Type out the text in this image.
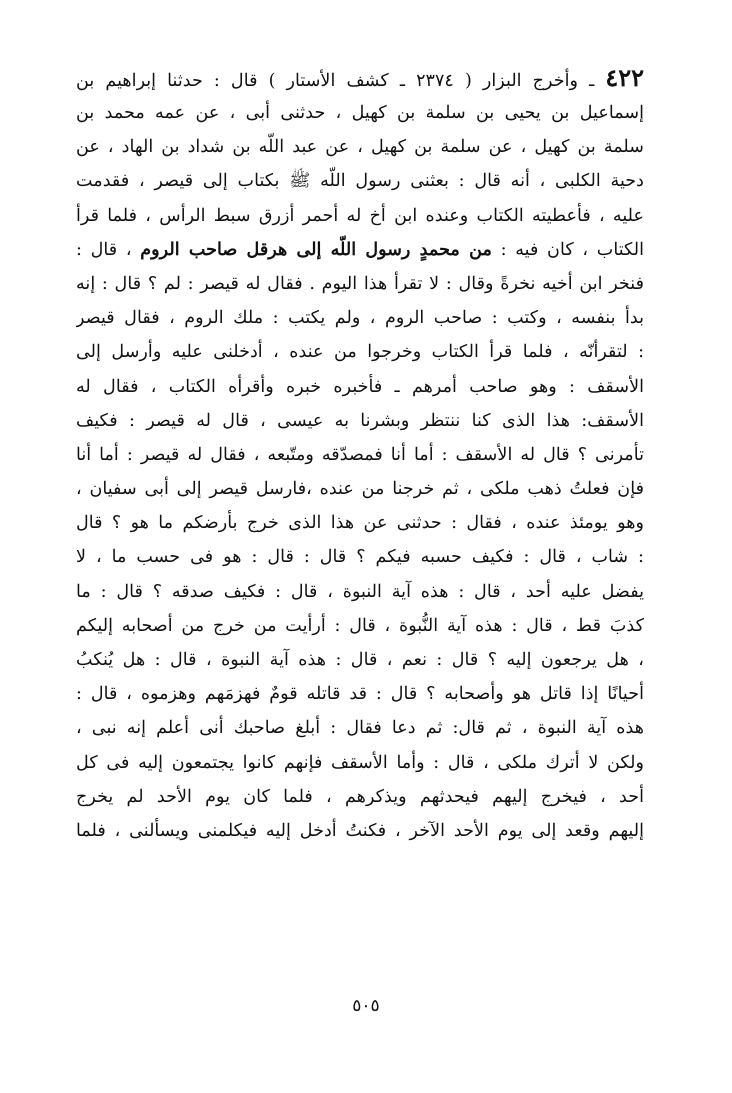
٤٢٢ ـ وأخرج البزار ( ٢٣٧٤ ـ كشف الأستار ) قال : حدثنا إبراهيم بن
إسماعيل بن يحيى بن سلمة بن كهيل ، حدثنى أبى ، عن عمه محمد بن
سلمة بن كهيل ، عن سلمة بن كهيل ، عن عبد اللّه بن شداد بن الهاد ، عن
دحية الكلبى ، أنه قال : بعثنى رسول اللّه ﷺ بكتاب إلى قيصر ، فقدمت
عليه ، فأعطيته الكتاب وعنده ابن أخ له أحمر أزرق سبط الرأس ، فلما قرأ
الكتاب ، كان فيه : من محمدٍ رسول اللّه إلى هرقل صاحب الروم ، قال :
فنخر ابن أخيه نخرةً وقال : لا تقرأ هذا اليوم . فقال له قيصر : لم ؟ قال : إنه
بدأ بنفسه ، وكتب : صاحب الروم ، ولم يكتب : ملك الروم ، فقال قيصر
: لتقرأنّه ، فلما قرأ الكتاب وخرجوا من عنده ، أدخلنى عليه وأرسل إلى
الأسقف : وهو صاحب أمرهم ـ فأخبره خبره وأقرأه الكتاب ، فقال له
الأسقف: هذا الذى كنا ننتظر وبشرنا به عيسى ، قال له قيصر : فكيف
تأمرنى ؟ قال له الأسقف : أما أنا فمصدّقه ومتّبعه ، فقال له قيصر : أما أنا
فإن فعلتُ ذهب ملكى ، ثم خرجنا من عنده ،فارسل قيصر إلى أبى سفيان ،
وهو يومئذ عنده ، فقال : حدثنى عن هذا الذى خرج بأرضكم ما هو ؟ قال
: شاب ، قال : فكيف حسبه فيكم ؟ قال : قال : هو فى حسب ما ، لا
يفضل عليه أحد ، قال : هذه آية النبوة ، قال : فكيف صدقه ؟ قال : ما
كذبَ قط ، قال : هذه آية النُّبوة ، قال : أرأيت من خرج من أصحابه إليكم
، هل يرجعون إليه ؟ قال : نعم ، قال : هذه آية النبوة ، قال : هل يُنكبُ
أحيانًا إذا قاتل هو وأصحابه ؟ قال : قد قاتله قومٌ فهزمَهم وهزموه ، قال :
هذه آية النبوة ، ثم قال: ثم دعا فقال : أبلغ صاحبك أنى أعلم إنه نبى ،
ولكن لا أترك ملكى ، قال : وأما الأسقف فإنهم كانوا يجتمعون إليه فى كل
أحد ، فيخرج إليهم فيحدثهم ويذكرهم ، فلما كان يوم الأحد لم يخرج
إليهم وقعد إلى يوم الأحد الآخر ، فكنتُ أدخل إليه فيكلمنى ويسألنى ، فلما
٥٠٥
